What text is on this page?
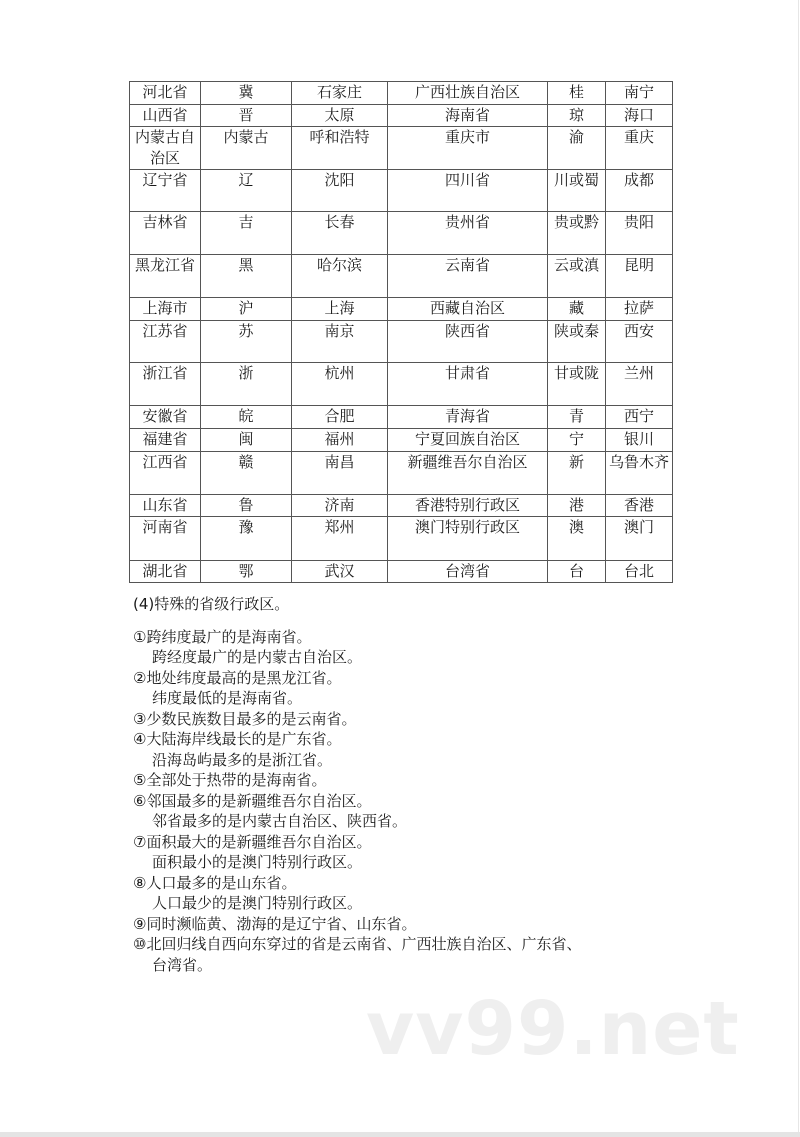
河北省	冀	石家庄	广西壮族自治区	桂	南宁
山西省	晋	太原	海南省	琼	海口
内蒙古自治区	内蒙古	呼和浩特	重庆市	渝	重庆
辽宁省	辽	沈阳	四川省	川或蜀	成都
吉林省	吉	长春	贵州省	贵或黔	贵阳
黑龙江省	黑	哈尔滨	云南省	云或滇	昆明
上海市	沪	上海	西藏自治区	藏	拉萨
江苏省	苏	南京	陕西省	陕或秦	西安
浙江省	浙	杭州	甘肃省	甘或陇	兰州
安徽省	皖	合肥	青海省	青	西宁
福建省	闽	福州	宁夏回族自治区	宁	银川
江西省	赣	南昌	新疆维吾尔自治区	新	乌鲁木齐
山东省	鲁	济南	香港特别行政区	港	香港
河南省	豫	郑州	澳门特别行政区	澳	澳门
湖北省	鄂	武汉	台湾省	台	台北
(4)特殊的省级行政区。
①跨纬度最广的是海南省。
跨经度最广的是内蒙古自治区。
②地处纬度最高的是黑龙江省。
纬度最低的是海南省。
③少数民族数目最多的是云南省。
④大陆海岸线最长的是广东省。
沿海岛屿最多的是浙江省。
⑤全部处于热带的是海南省。
⑥邻国最多的是新疆维吾尔自治区。
邻省最多的是内蒙古自治区、陕西省。
⑦面积最大的是新疆维吾尔自治区。
面积最小的是澳门特别行政区。
⑧人口最多的是山东省。
人口最少的是澳门特别行政区。
⑨同时濒临黄、渤海的是辽宁省、山东省。
⑩北回归线自西向东穿过的省是云南省、广西壮族自治区、广东省、
台湾省。
vv99.net
